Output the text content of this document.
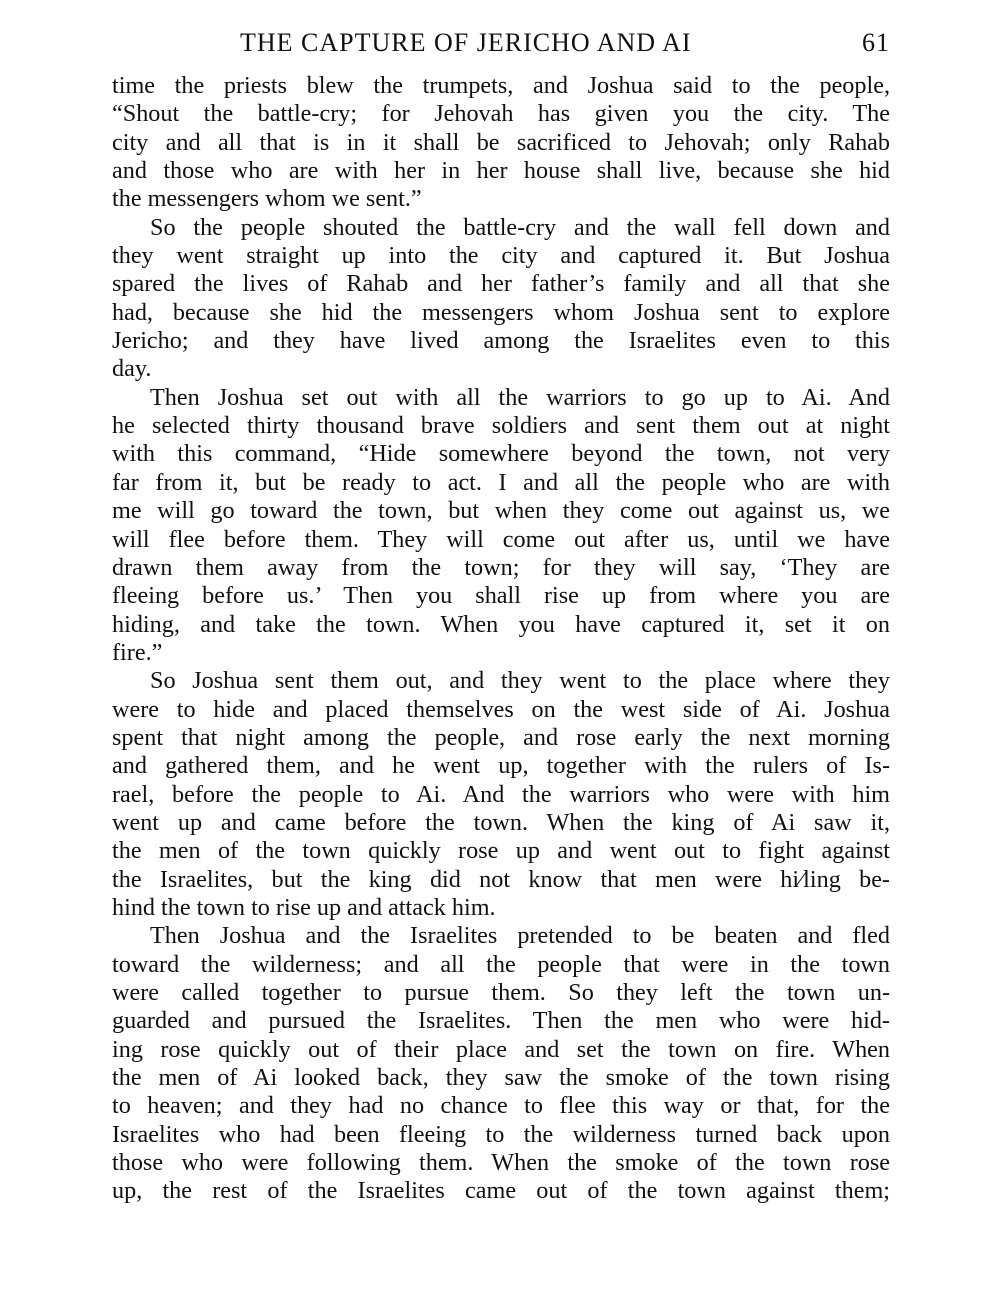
THE CAPTURE OF JERICHO AND AI	61
time the priests blew the trumpets, and Joshua said to the people,
“Shout the battle-cry; for Jehovah has given you the city. The
city and all that is in it shall be sacrificed to Jehovah; only Rahab
and those who are with her in her house shall live, because she hid
the messengers whom we sent.”
So the people shouted the battle-cry and the wall fell down and
they went straight up into the city and captured it. But Joshua
spared the lives of Rahab and her father’s family and all that she
had, because she hid the messengers whom Joshua sent to explore
Jericho; and they have lived among the Israelites even to this
day.
Then Joshua set out with all the warriors to go up to Ai. And
he selected thirty thousand brave soldiers and sent them out at night
with this command, “Hide somewhere beyond the town, not very
far from it, but be ready to act. I and all the people who are with
me will go toward the town, but when they come out against us, we
will flee before them. They will come out after us, until we have
drawn them away from the town; for they will say, ‘They are
fleeing before us.’ Then you shall rise up from where you are
hiding, and take the town. When you have captured it, set it on
fire.”
So Joshua sent them out, and they went to the place where they
were to hide and placed themselves on the west side of Ai. Joshua
spent that night among the people, and rose early the next morning
and gathered them, and he went up, together with the rulers of Is-
rael, before the people to Ai. And the warriors who were with him
went up and came before the town. When the king of Ai saw it,
the men of the town quickly rose up and went out to fight against
the Israelites, but the king did not know that men were hi⁄ling be-
hind the town to rise up and attack him.
Then Joshua and the Israelites pretended to be beaten and fled
toward the wilderness; and all the people that were in the town
were called together to pursue them. So they left the town un-
guarded and pursued the Israelites. Then the men who were hid-
ing rose quickly out of their place and set the town on fire. When
the men of Ai looked back, they saw the smoke of the town rising
to heaven; and they had no chance to flee this way or that, for the
Israelites who had been fleeing to the wilderness turned back upon
those who were following them. When the smoke of the town rose
up, the rest of the Israelites came out of the town against them;
